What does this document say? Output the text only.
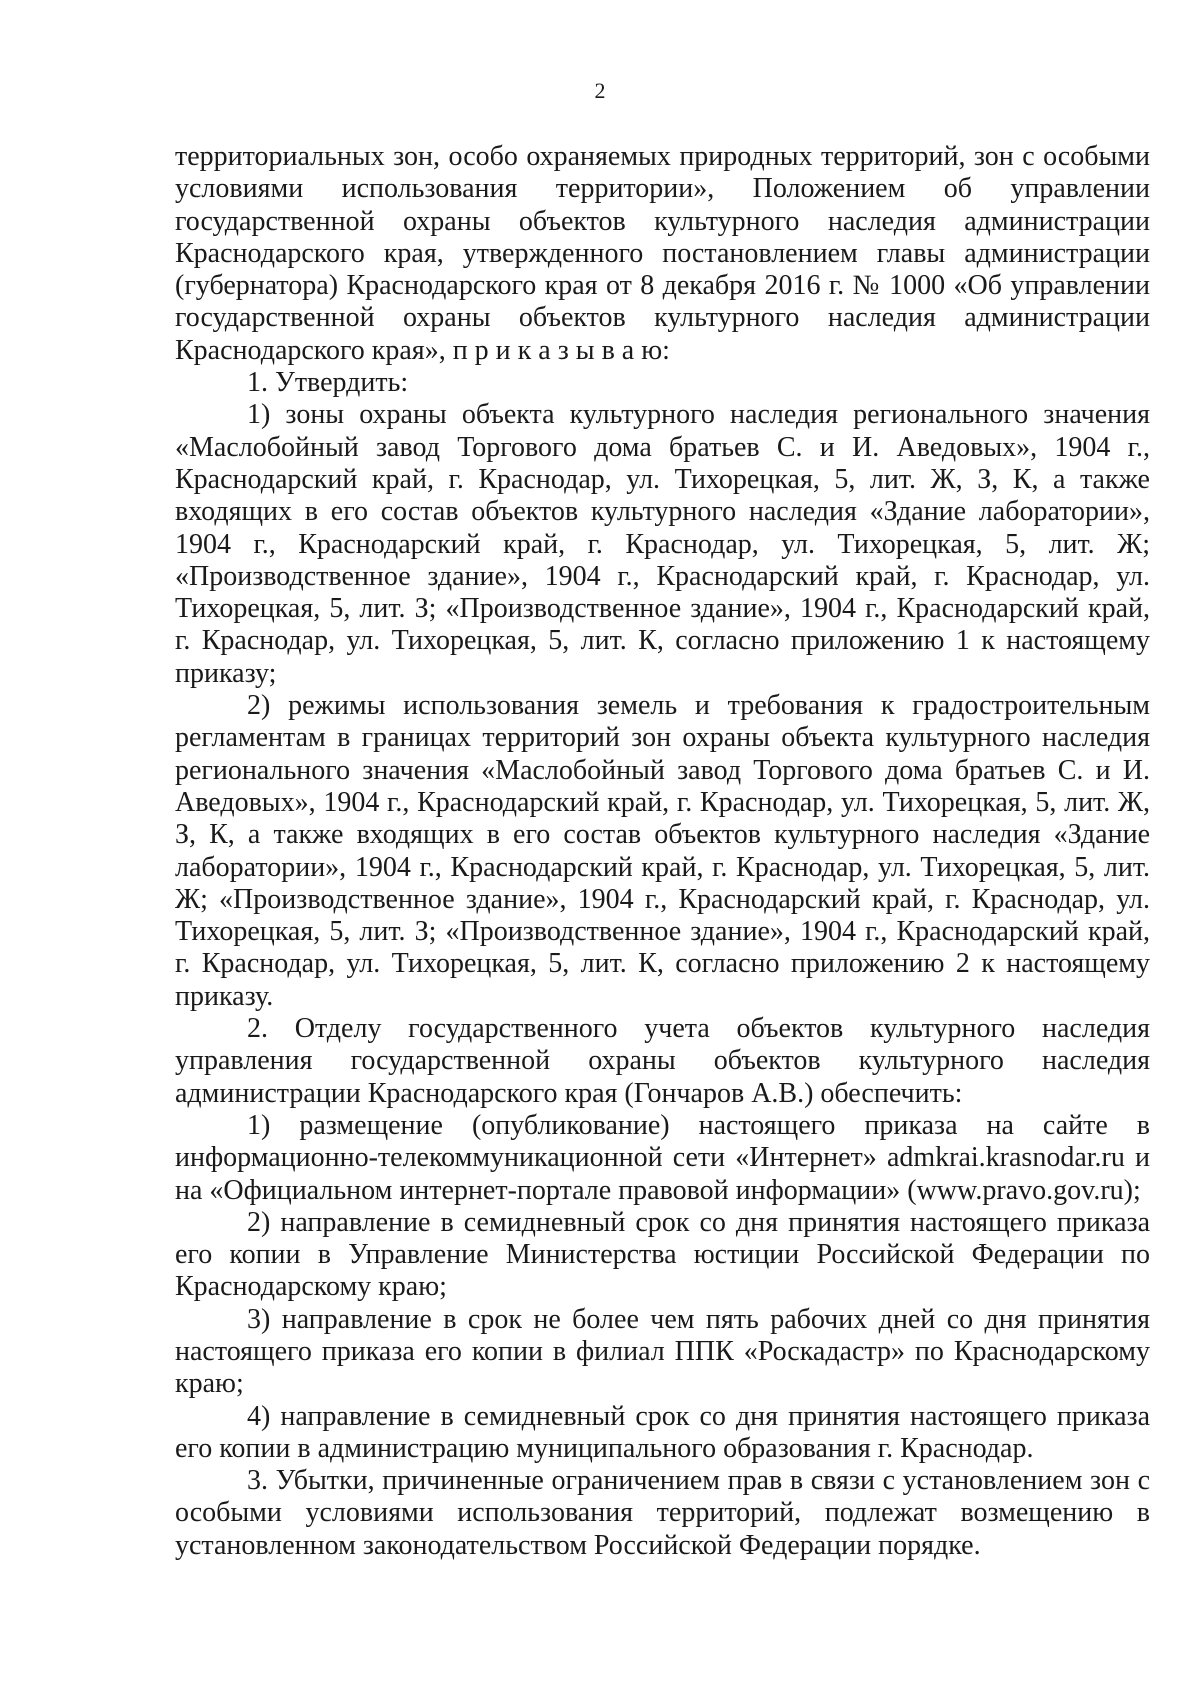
2

территориальных зон, особо охраняемых природных территорий, зон с особыми условиями использования территории», Положением об управлении государственной охраны объектов культурного наследия администрации Краснодарского края, утвержденного постановлением главы администрации (губернатора) Краснодарского края от 8 декабря 2016 г. № 1000 «Об управлении государственной охраны объектов культурного наследия администрации Краснодарского края», п р и к а з ы в а ю:

1. Утвердить:

1) зоны охраны объекта культурного наследия регионального значения «Маслобойный завод Торгового дома братьев С. и И. Аведовых», 1904 г., Краснодарский край, г. Краснодар, ул. Тихорецкая, 5, лит. Ж, З, К, а также входящих в его состав объектов культурного наследия «Здание лаборатории», 1904 г., Краснодарский край, г. Краснодар, ул. Тихорецкая, 5, лит. Ж; «Производственное здание», 1904 г., Краснодарский край, г. Краснодар, ул. Тихорецкая, 5, лит. З; «Производственное здание», 1904 г., Краснодарский край, г. Краснодар, ул. Тихорецкая, 5, лит. К, согласно приложению 1 к настоящему приказу;

2) режимы использования земель и требования к градостроительным регламентам в границах территорий зон охраны объекта культурного наследия регионального значения «Маслобойный завод Торгового дома братьев С. и И. Аведовых», 1904 г., Краснодарский край, г. Краснодар, ул. Тихорецкая, 5, лит. Ж, З, К, а также входящих в его состав объектов культурного наследия «Здание лаборатории», 1904 г., Краснодарский край, г. Краснодар, ул. Тихорецкая, 5, лит. Ж; «Производственное здание», 1904 г., Краснодарский край, г. Краснодар, ул. Тихорецкая, 5, лит. З; «Производственное здание», 1904 г., Краснодарский край, г. Краснодар, ул. Тихорецкая, 5, лит. К, согласно приложению 2 к настоящему приказу.

2. Отделу государственного учета объектов культурного наследия управления государственной охраны объектов культурного наследия администрации Краснодарского края (Гончаров А.В.) обеспечить:

1) размещение (опубликование) настоящего приказа на сайте в информационно-телекоммуникационной сети «Интернет» admkrai.krasnodar.ru и на «Официальном интернет-портале правовой информации» (www.pravo.gov.ru);

2) направление в семидневный срок со дня принятия настоящего приказа его копии в Управление Министерства юстиции Российской Федерации по Краснодарскому краю;

3) направление в срок не более чем пять рабочих дней со дня принятия настоящего приказа его копии в филиал ППК «Роскадастр» по Краснодарскому краю;

4) направление в семидневный срок со дня принятия настоящего приказа его копии в администрацию муниципального образования г. Краснодар.

3. Убытки, причиненные ограничением прав в связи с установлением зон с особыми условиями использования территорий, подлежат возмещению в установленном законодательством Российской Федерации порядке.
